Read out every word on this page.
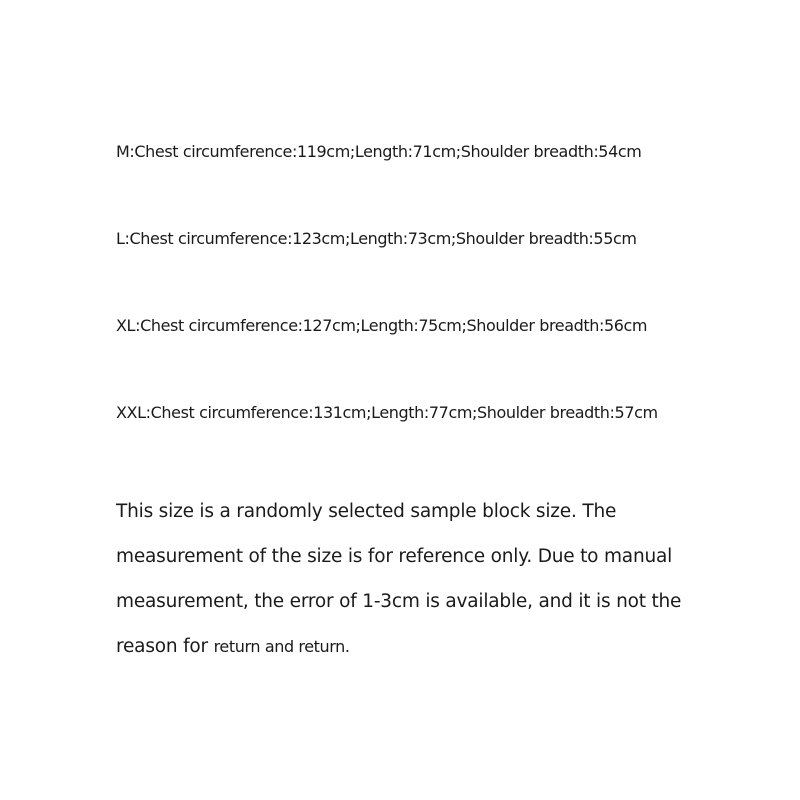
M:Chest circumference:119cm;Length:71cm;Shoulder breadth:54cm
L:Chest circumference:123cm;Length:73cm;Shoulder breadth:55cm
XL:Chest circumference:127cm;Length:75cm;Shoulder breadth:56cm
XXL:Chest circumference:131cm;Length:77cm;Shoulder breadth:57cm
This size is a randomly selected sample block size. The
measurement of the size is for reference only. Due to manual
measurement, the error of 1-3cm is available, and it is not the
reason for return and return.
